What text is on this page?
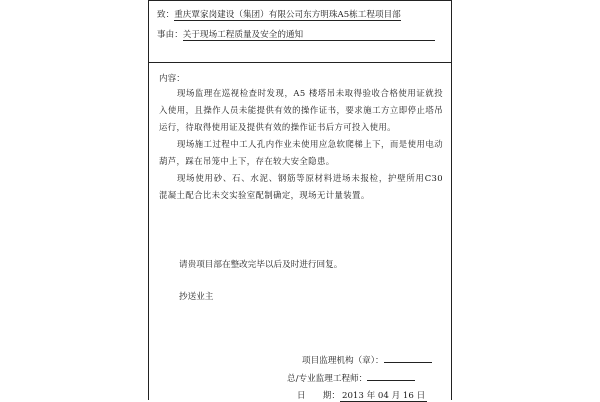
致：重庆覃家岗建设（集团）有限公司东方明珠A5栋工程项目部
事由：关于现场工程质量及安全的通知
内容：
现场监理在巡视检查时发现，A5 楼塔吊未取得验收合格使用证就投入使用，且操作人员未能提供有效的操作证书，要求施工方立即停止塔吊运行，待取得使用证及提供有效的操作证书后方可投入使用。
现场施工过程中工人孔内作业未使用应急软爬梯上下，而是使用电动葫芦，踩在吊笼中上下，存在较大安全隐患。
现场使用砂、石、水泥、钢筋等原材料进场未报检，护壁所用C30 混凝土配合比未交实验室配制确定，现场无计量装置。
请贵项目部在整改完毕以后及时进行回复。
抄送业主
项目监理机构（章）：
总/专业监理工程师：
日　　期： 2013 年 04 月 16 日
